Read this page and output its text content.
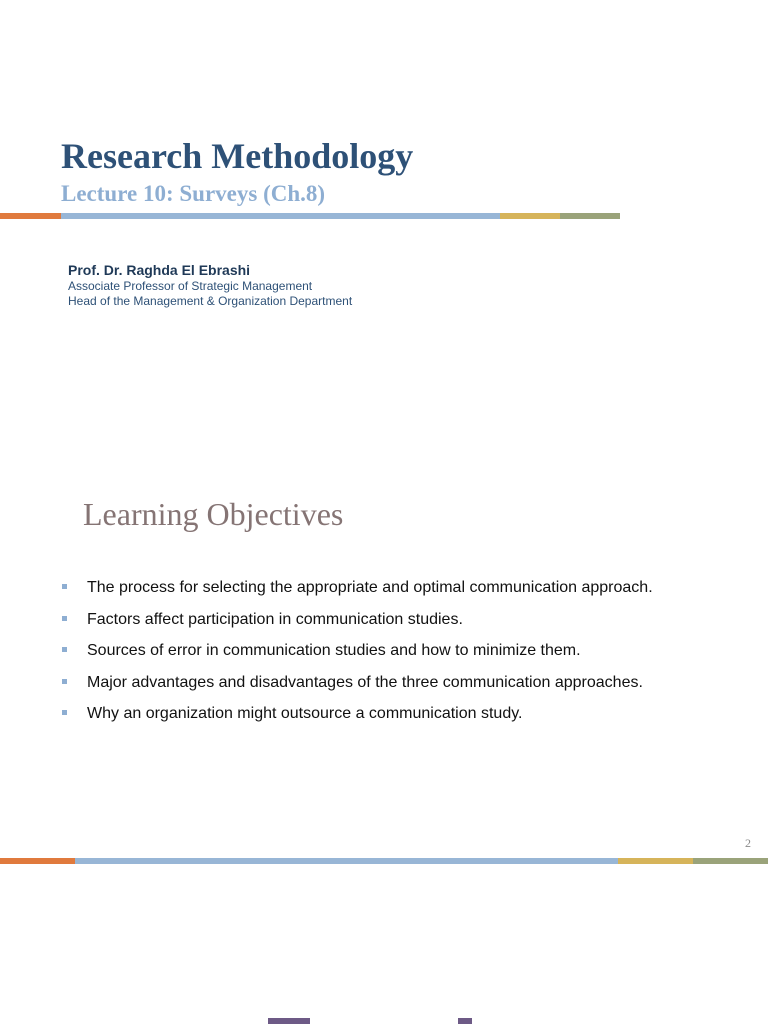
Research Methodology
Lecture 10: Surveys (Ch.8)
Prof. Dr. Raghda El Ebrashi
Associate Professor of Strategic Management
Head of the Management & Organization Department
Learning Objectives
The process for selecting the appropriate and optimal communication approach.
Factors affect participation in communication studies.
Sources of error in communication studies and how to minimize them.
Major advantages and disadvantages of the three communication approaches.
Why an organization might outsource a communication study.
2
